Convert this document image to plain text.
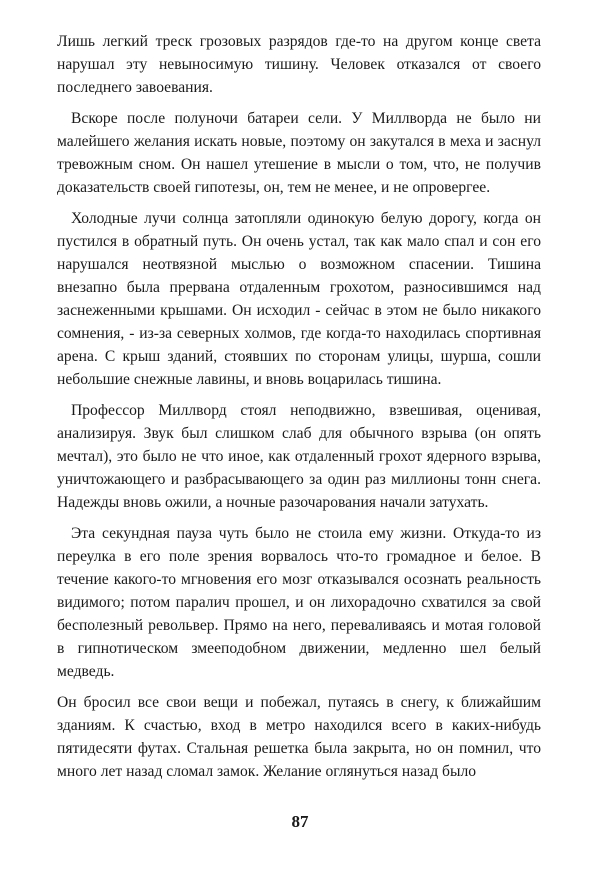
Лишь легкий треск грозовых разрядов где-то на другом конце света нарушал эту невыносимую тишину. Человек отказался от своего последнего завоевания.

Вскоре после полуночи батареи сели. У Миллворда не было ни малейшего желания искать новые, поэтому он закутался в меха и заснул тревожным сном. Он нашел утешение в мысли о том, что, не получив доказательств своей гипотезы, он, тем не менее, и не опровергее.

Холодные лучи солнца затопляли одинокую белую дорогу, когда он пустился в обратный путь. Он очень устал, так как мало спал и сон его нарушался неотвязной мыслью о возможном спасении. Тишина внезапно была прервана отдаленным грохотом, разносившимся над заснеженными крышами. Он исходил - сейчас в этом не было никакого сомнения, - из-за северных холмов, где когда-то находилась спортивная арена. С крыш зданий, стоявших по сторонам улицы, шурша, сошли небольшие снежные лавины, и вновь воцарилась тишина.

Профессор Миллворд стоял неподвижно, взвешивая, оценивая, анализируя. Звук был слишком слаб для обычного взрыва (он опять мечтал), это было не что иное, как отдаленный грохот ядерного взрыва, уничтожающего и разбрасывающего за один раз миллионы тонн снега. Надежды вновь ожили, а ночные разочарования начали затухать.

Эта секундная пауза чуть было не стоила ему жизни. Откуда-то из переулка в его поле зрения ворвалось что-то громадное и белое. В течение какого-то мгновения его мозг отказывался осознать реальность видимого; потом паралич прошел, и он лихорадочно схватился за свой бесполезный револьвер. Прямо на него, переваливаясь и мотая головой в гипнотическом змееподобном движении, медленно шел белый медведь.

Он бросил все свои вещи и побежал, путаясь в снегу, к ближайшим зданиям. К счастью, вход в метро находился всего в каких-нибудь пятидесяти футах. Стальная решетка была закрыта, но он помнил, что много лет назад сломал замок. Желание оглянуться назад было

87
